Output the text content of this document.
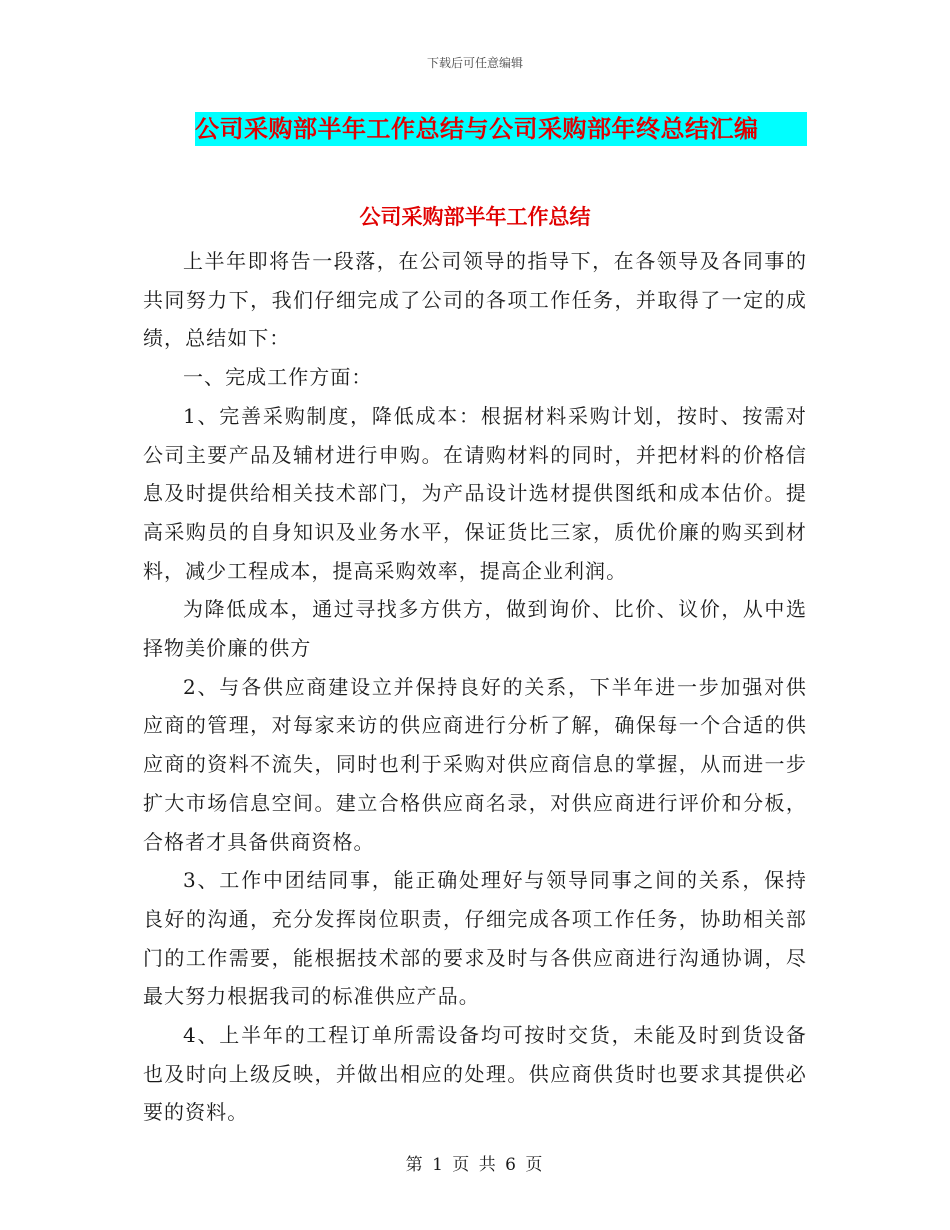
下载后可任意编辑
公司采购部半年工作总结与公司采购部年终总结汇编
公司采购部半年工作总结

上半年即将告一段落，在公司领导的指导下，在各领导及各同事的共同努力下，我们仔细完成了公司的各项工作任务，并取得了一定的成绩，总结如下：

一、完成工作方面：

1、完善采购制度，降低成本：根据材料采购计划，按时、按需对公司主要产品及辅材进行申购。在请购材料的同时，并把材料的价格信息及时提供给相关技术部门，为产品设计选材提供图纸和成本估价。提高采购员的自身知识及业务水平，保证货比三家，质优价廉的购买到材料，减少工程成本，提高采购效率，提高企业利润。

为降低成本，通过寻找多方供方，做到询价、比价、议价，从中选择物美价廉的供方

2、与各供应商建设立并保持良好的关系，下半年进一步加强对供应商的管理，对每家来访的供应商进行分析了解，确保每一个合适的供应商的资料不流失，同时也利于采购对供应商信息的掌握，从而进一步扩大市场信息空间。建立合格供应商名录，对供应商进行评价和分板，合格者才具备供商资格。

3、工作中团结同事，能正确处理好与领导同事之间的关系，保持良好的沟通，充分发挥岗位职责，仔细完成各项工作任务，协助相关部门的工作需要，能根据技术部的要求及时与各供应商进行沟通协调，尽最大努力根据我司的标准供应产品。

4、上半年的工程订单所需设备均可按时交货，未能及时到货设备也及时向上级反映，并做出相应的处理。供应商供货时也要求其提供必要的资料。

第 1 页 共 6 页
